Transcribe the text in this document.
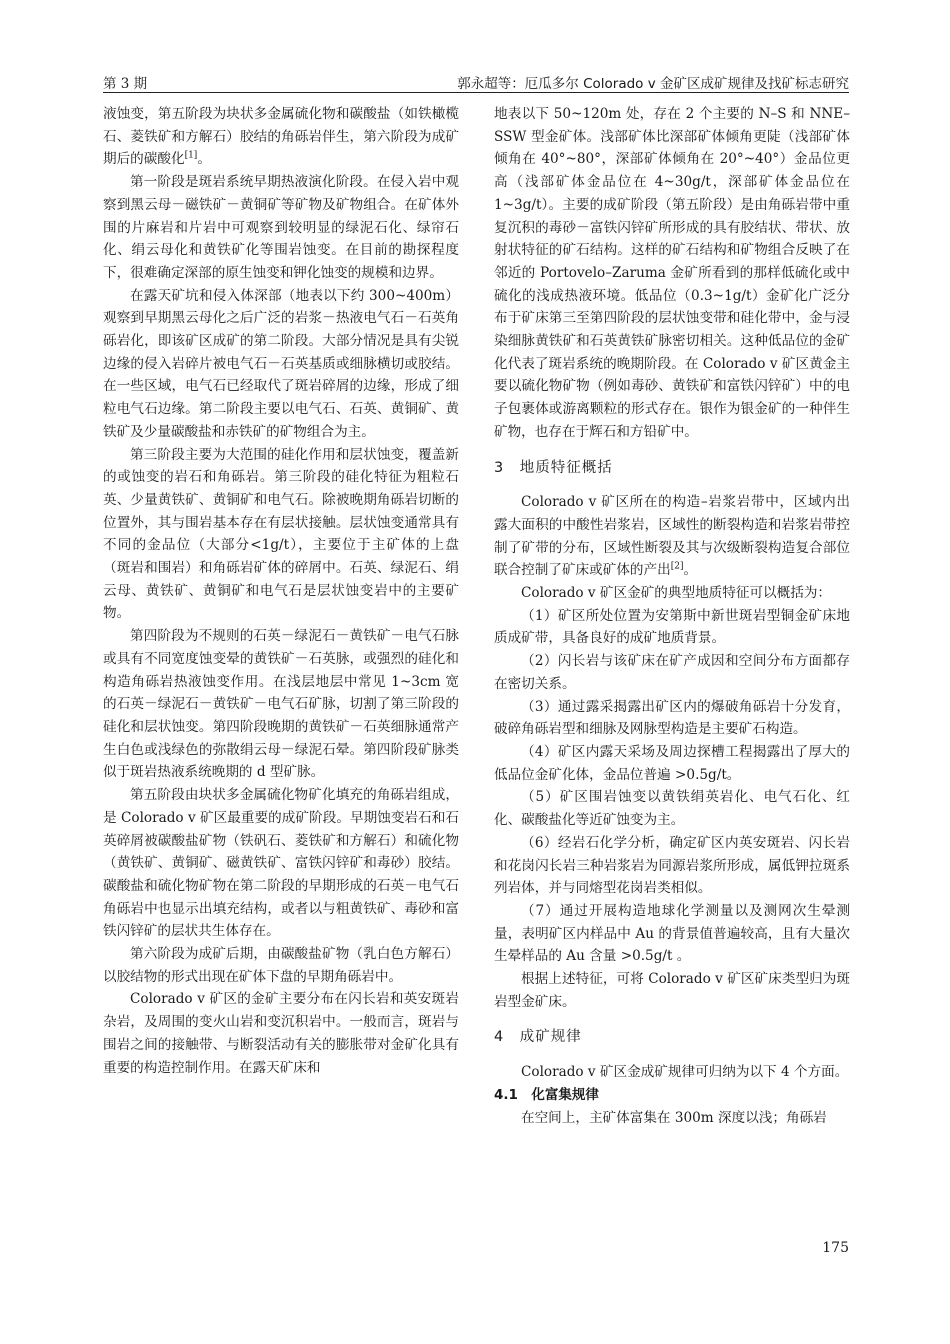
第 3 期	郭永超等：厄瓜多尔 Colorado v 金矿区成矿规律及找矿标志研究

液蚀变，第五阶段为块状多金属硫化物和碳酸盐（如铁橄榄石、菱铁矿和方解石）胶结的角砾岩伴生，第六阶段为成矿期后的碳酸化[1]。

第一阶段是斑岩系统早期热液演化阶段。在侵入岩中观察到黑云母－磁铁矿－黄铜矿等矿物及矿物组合。在矿体外围的片麻岩和片岩中可观察到较明显的绿泥石化、绿帘石化、绢云母化和黄铁矿化等围岩蚀变。在目前的勘探程度下，很难确定深部的原生蚀变和钾化蚀变的规模和边界。

在露天矿坑和侵入体深部（地表以下约 300~400m）观察到早期黑云母化之后广泛的岩浆－热液电气石－石英角砾岩化，即该矿区成矿的第二阶段。大部分情况是具有尖锐边缘的侵入岩碎片被电气石－石英基质或细脉横切或胶结。在一些区域，电气石已经取代了斑岩碎屑的边缘，形成了细粒电气石边缘。第二阶段主要以电气石、石英、黄铜矿、黄铁矿及少量碳酸盐和赤铁矿的矿物组合为主。

第三阶段主要为大范围的硅化作用和层状蚀变，覆盖新的或蚀变的岩石和角砾岩。第三阶段的硅化特征为粗粒石英、少量黄铁矿、黄铜矿和电气石。除被晚期角砾岩切断的位置外，其与围岩基本存在有层状接触。层状蚀变通常具有不同的金品位（大部分<1g/t），主要位于主矿体的上盘（斑岩和围岩）和角砾岩矿体的碎屑中。石英、绿泥石、绢云母、黄铁矿、黄铜矿和电气石是层状蚀变岩中的主要矿物。

第四阶段为不规则的石英－绿泥石－黄铁矿－电气石脉或具有不同宽度蚀变晕的黄铁矿－石英脉，或强烈的硅化和构造角砾岩热液蚀变作用。在浅层地层中常见 1~3cm 宽的石英－绿泥石－黄铁矿－电气石矿脉，切割了第三阶段的硅化和层状蚀变。第四阶段晚期的黄铁矿－石英细脉通常产生白色或浅绿色的弥散绢云母－绿泥石晕。第四阶段矿脉类似于斑岩热液系统晚期的 d 型矿脉。

第五阶段由块状多金属硫化物矿化填充的角砾岩组成，是 Colorado v 矿区最重要的成矿阶段。早期蚀变岩石和石英碎屑被碳酸盐矿物（铁矾石、菱铁矿和方解石）和硫化物（黄铁矿、黄铜矿、磁黄铁矿、富铁闪锌矿和毒砂）胶结。碳酸盐和硫化物矿物在第二阶段的早期形成的石英－电气石角砾岩中也显示出填充结构，或者以与粗黄铁矿、毒砂和富铁闪锌矿的层状共生体存在。

第六阶段为成矿后期，由碳酸盐矿物（乳白色方解石）以胶结物的形式出现在矿体下盘的早期角砾岩中。

Colorado v 矿区的金矿主要分布在闪长岩和英安斑岩杂岩，及周围的变火山岩和变沉积岩中。一般而言，斑岩与围岩之间的接触带、与断裂活动有关的膨胀带对金矿化具有重要的构造控制作用。在露天矿床和

地表以下 50~120m 处，存在 2 个主要的 N–S 和 NNE– SSW 型金矿体。浅部矿体比深部矿体倾角更陡（浅部矿体倾角在 40°~80°，深部矿体倾角在 20°~40°）金品位更高（浅部矿体金品位在 4~30g/t，深部矿体金品位在 1~3g/t）。主要的成矿阶段（第五阶段）是由角砾岩带中重复沉积的毒砂－富铁闪锌矿所形成的具有胶结状、带状、放射状特征的矿石结构。这样的矿石结构和矿物组合反映了在邻近的 Portovelo–Zaruma 金矿所看到的那样低硫化或中硫化的浅成热液环境。低品位（0.3~1g/t）金矿化广泛分布于矿床第三至第四阶段的层状蚀变带和硅化带中，金与浸染细脉黄铁矿和石英黄铁矿脉密切相关。这种低品位的金矿化代表了斑岩系统的晚期阶段。在 Colorado v 矿区黄金主要以硫化物矿物（例如毒砂、黄铁矿和富铁闪锌矿）中的电子包裹体或游离颗粒的形式存在。银作为银金矿的一种伴生矿物，也存在于辉石和方铅矿中。

3　地质特征概括

Colorado v 矿区所在的构造–岩浆岩带中，区域内出露大面积的中酸性岩浆岩，区域性的断裂构造和岩浆岩带控制了矿带的分布，区域性断裂及其与次级断裂构造复合部位联合控制了矿床或矿体的产出[2]。

Colorado v 矿区金矿的典型地质特征可以概括为：

（1）矿区所处位置为安第斯中新世斑岩型铜金矿床地质成矿带，具备良好的成矿地质背景。

（2）闪长岩与该矿床在矿产成因和空间分布方面都存在密切关系。

（3）通过露采揭露出矿区内的爆破角砾岩十分发育，破碎角砾岩型和细脉及网脉型构造是主要矿石构造。

（4）矿区内露天采场及周边探槽工程揭露出了厚大的低品位金矿化体，金品位普遍 >0.5g/t。

（5）矿区围岩蚀变以黄铁绢英岩化、电气石化、红化、碳酸盐化等近矿蚀变为主。

（6）经岩石化学分析，确定矿区内英安斑岩、闪长岩和花岗闪长岩三种岩浆岩为同源岩浆所形成，属低钾拉斑系列岩体，并与同熔型花岗岩类相似。

（7）通过开展构造地球化学测量以及测网次生晕测量，表明矿区内样品中 Au 的背景值普遍较高，且有大量次生晕样品的 Au 含量 >0.5g/t 。

根据上述特征，可将 Colorado v 矿区矿床类型归为斑岩型金矿床。

4　成矿规律

Colorado v 矿区金成矿规律可归纳为以下 4 个方面。

4.1　化富集规律

在空间上，主矿体富集在 300m 深度以浅；角砾岩

175
